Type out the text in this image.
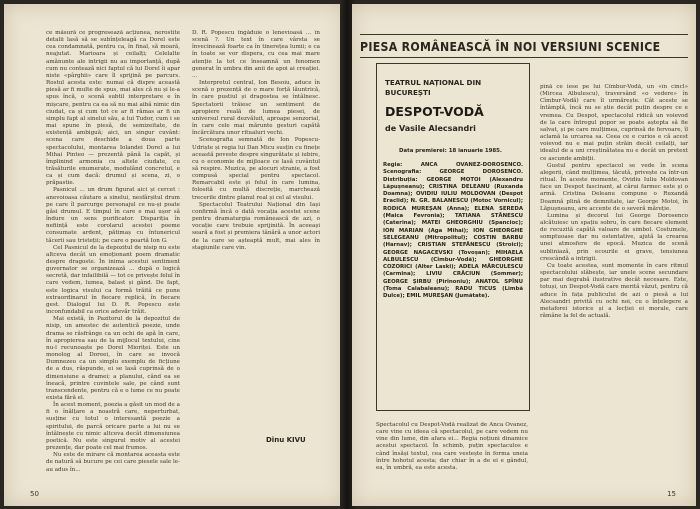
ce măsură ce progresează acțiunea, nerostite detalii lasă să se subînțeleagă ca Dorel este cea condamnată, pentru ca, în final, să moară, neajutat. Marioara și ceilalți; Celelalte amănunte ale intrigii nu au importanță, după cum nu contează nici faptul că lui Dorel îi apar niste «pârghii» care îl sprijină pe parcurs. Rostul acesta este: numai că dispre această piesă ar fi multe de spus, mai ales că nu și le-a spus încă, o scenă subtil interpretare e în mișcare, pentru ca ea să nu mai aibă nimic din ciudat, ca și cum tot ce ar fi rămas ar fi un simplu fapt al sinelui său, a lui Tudor, cum i se mai spune în piesă, de semizeitate, de existență ambiguă; aici, un singur cuvânt: scena care deschide a doua parte spectacolului, montarea Iolandei Dorel a lui Mihai Pinteo — prezentă până la capăt, și împlinind armonia cu altele ciudate, cu trăsăturile enumerate, modulând concretul, e ca și cum dacă: drumul și scena, zi, o prăpastie.

Pasnicul ... un drum figurat aici și cercet : anevoioasa căutare a sinelui, nesfârșitul drum pe care îl parcurge personajul ce nu-și poate găsi drumul. E timpul în care e mai ușor să îndure un sens purificator. Dispariția în neființă este corolarul acestei poeme consumate ardent, pătimaș cu întunericul tăcerii sau tristeții; pe care o poartă Ion G.

Cel Pasnicul de la depozitul de nisip nu este altceva decât un emoționant poem dramatic despre dragoste. În inima acestui sentiment guvernator se organizează ... după o logică secretă, dar infailibilă — tot ce privește felul în care vedem, lumea, balast și gând. De fapt, este logica visului ca formă trăită ce pune extraordinarul în fiecare replică, în fiecare gest. Dialogul lui D. R. Popescu este inconfundabil ca orice adevăr trăit.

Mai există, în Pazitorul de la depozitul de nisip, un amestec de autentică poezie, unde drama se răsfrânge ca un ochi de apă în care, în apropierea sau de la mijlocul textului, cine nu-l recunoaște pe Dorel Mioriței. Este un monolog al Doreei, în care se invocă Dumnezeu ca un simplu exemplu de ficțiune de a dus, răspunde, ei se lasă cuprinsă de o dimensiune a dramei; a planului, când ea se îneacă, printre cuvintele sale, pe când sunt transcendente, pentru că e o lume ce nu poate exista fără el.

În acest moment, poezia a găsit un mod de a fi o înălțare a noastră care, neperturbat, susține cu totul o interesantă poezie a spiritului, de parcă oricare parte a lui nu se întâlnește cu nimic altceva decât dimensiunea poetică. Nu este singurul motiv al acestei prezențe, dar poate cel mai frumos.

Nu este de mirare că montarea aceasta este de natură să bucure pe cei care piesele sale le-au adus în...

D. R. Popescu îngăduie o lenevioasă ... în scenă ?. Un text în care vârsta se învecinează foarte ca în tinerețea lumii; e ca în toate se vor dispera, cu cea mai mare atenție la tot ce înseamnă un fenomen generat în umbra din anii de apoi ai creației. ...

Interpretul central, Ion Besoiu, aduce în scenă o prezență de o mare forță lăuntrică, în care pustiul și dragostea se întâlnesc. Spectatorii trăiesc un sentiment de apropiere reală de lumea piesei, de universul rural dezvăluit, aproape senzorial, în care cele mai mărunte gesturi capătă încărcătura unor ritualuri vechi.

Scenografia semnată de Ion Popescu-Udriște și regia lui Dan Micu susțin cu finețe această poveste despre singurătate și iubire, cu o economie de mijloace ce lasă cuvântul să respire. Muzica, pe alocuri stranie, a fost compusă special pentru spectacol. Remarcabil este și felul în care lumina, folosită cu multă discreție, marchează trecerile dintre planul real și cel al visului.

Spectacolul Teatrului Național din Iași confirmă încă o dată vocația acestei scene pentru dramaturgia românească de azi, o vocație care trebuie sprijinită. În aceeași seară a fost și premiera tânără a unor actori de la care se așteaptă mult, mai ales în stagiunile care vin.

Dinu KIVU
50
PIESA ROMÂNEASCĂ ÎN NOI VERSIUNI SCENICE
TEATRUL NAȚIONAL DIN BUCUREȘTI
DESPOT-VODĂ
de Vasile Alecsandri
Data premierei: 18 ianuarie 1985.
Regia: ANCA OVANEZ-DOROSENCO. Scenografia: GEORGE DOROSENCO. Distribuția: GEORGE MOTOI (Alexandru Lăpușneanu); CRISTINA DELEANU (Ruxanda Doamna); OVIDIU IULIU MOLDOVAN (Despot Eraclid); N. GR. BALANESCU (Motoc Vornicul); RODICA MUREȘAN (Anna); ELENA SEREDA (Maica Fevronia); TATIANA STĂNESCU (Caterina); MATEI GHEORGHIU (Spancioc); ION MARIAN (Aga Mihai); ION GHEORGHE SELEGEANU (Mitropolitul); COSTIN BARBU (Harnav); CRISTIAN STEFĂNESCU (Stroici); GEORGE NAGACEVSKI (Tovoșan); MIHAELA ALBULESCU (Cîmbur-Vodă); GHEORGHE COZORICI (Alter Laski); ADELA MĂRCULESCU (Carmina); LIVIU CRĂCIUN (Sommer); GEORGE ȘIRBU (Pirînoniu); ANATOL SPÎNU (Toma Calabaleanu); RADU TICUS (Limbă Dulce); EMIL MUREȘAN (Jumătate).

Spectacolul cu Despot-Vodă realizat de Anca Ovanez, care vine cu ideea că spectacolul, pe care vedem nu vine din lume, din afara ei... Regia noțiuni dinamice acestui spectacol. În schimb, puțin spectaculos e când însăși textul, cea care vestește în forma uneia între hohotul acesta; dar chiar în a de ei e gândul, ea, în umbră, ea este acesta.

pînă ce iese pe lui Cîmbur-Vodă, un «în cincl» (Mircea Albulescu), traversând «o vedere» în Cîmbur-Vodă) care îl urmărește. Cât aceste se întâmplă, încă nu se știe decât puțin despre ce e vremea. Cu Despot, spectacolul ridică un voievod de la care întregul popor se poate aștepta să fie salvat, și pe care mulțimea, cuprinsă de fervoare, îl aclamă la urcarea sa. Ceea ce e curios e că acest voievod nu e mai puțin străin decât ceilalți, iar idealul de a uni creștinătatea nu e decât un pretext ce ascunde ambiții.

Gustul pentru spectacol se vede în scena alegerii, când mulțimea, tăcută, privește ca într-un ritual. În aceste momente, Ovidiu Iuliu Moldovan face un Despot fascinant, al cărui farmec este și o armă. Cristina Deleanu compune o Ruxandă Doamnă plină de demnitate, iar George Motoi, în Lăpușneanu, are accente de o severă măreție.

Lumina și decorul lui George Dorosenco alcătuiesc un spațiu sobru, în care fiecare element de recuzită capătă valoare de simbol. Costumele, somptuoase dar nu ostentative, ajută la crearea unei atmosfere de epocă. Muzica de scenă subliniază, prin ecourile ei grave, tensiunea crescândă a intrigii.

Cu toate acestea, sunt momente în care ritmul spectacolului slăbește, iar unele scene secundare par mai degrabă ilustrative decât necesare. Este, totuși, un Despot-Vodă care merită văzut, pentru că aduce în fața publicului de azi o piesă a lui Alecsandri privită cu ochi noi, cu o înțelegere a metaforei istorice și a lecției ei morale, care rămâne la fel de actuală.

15
